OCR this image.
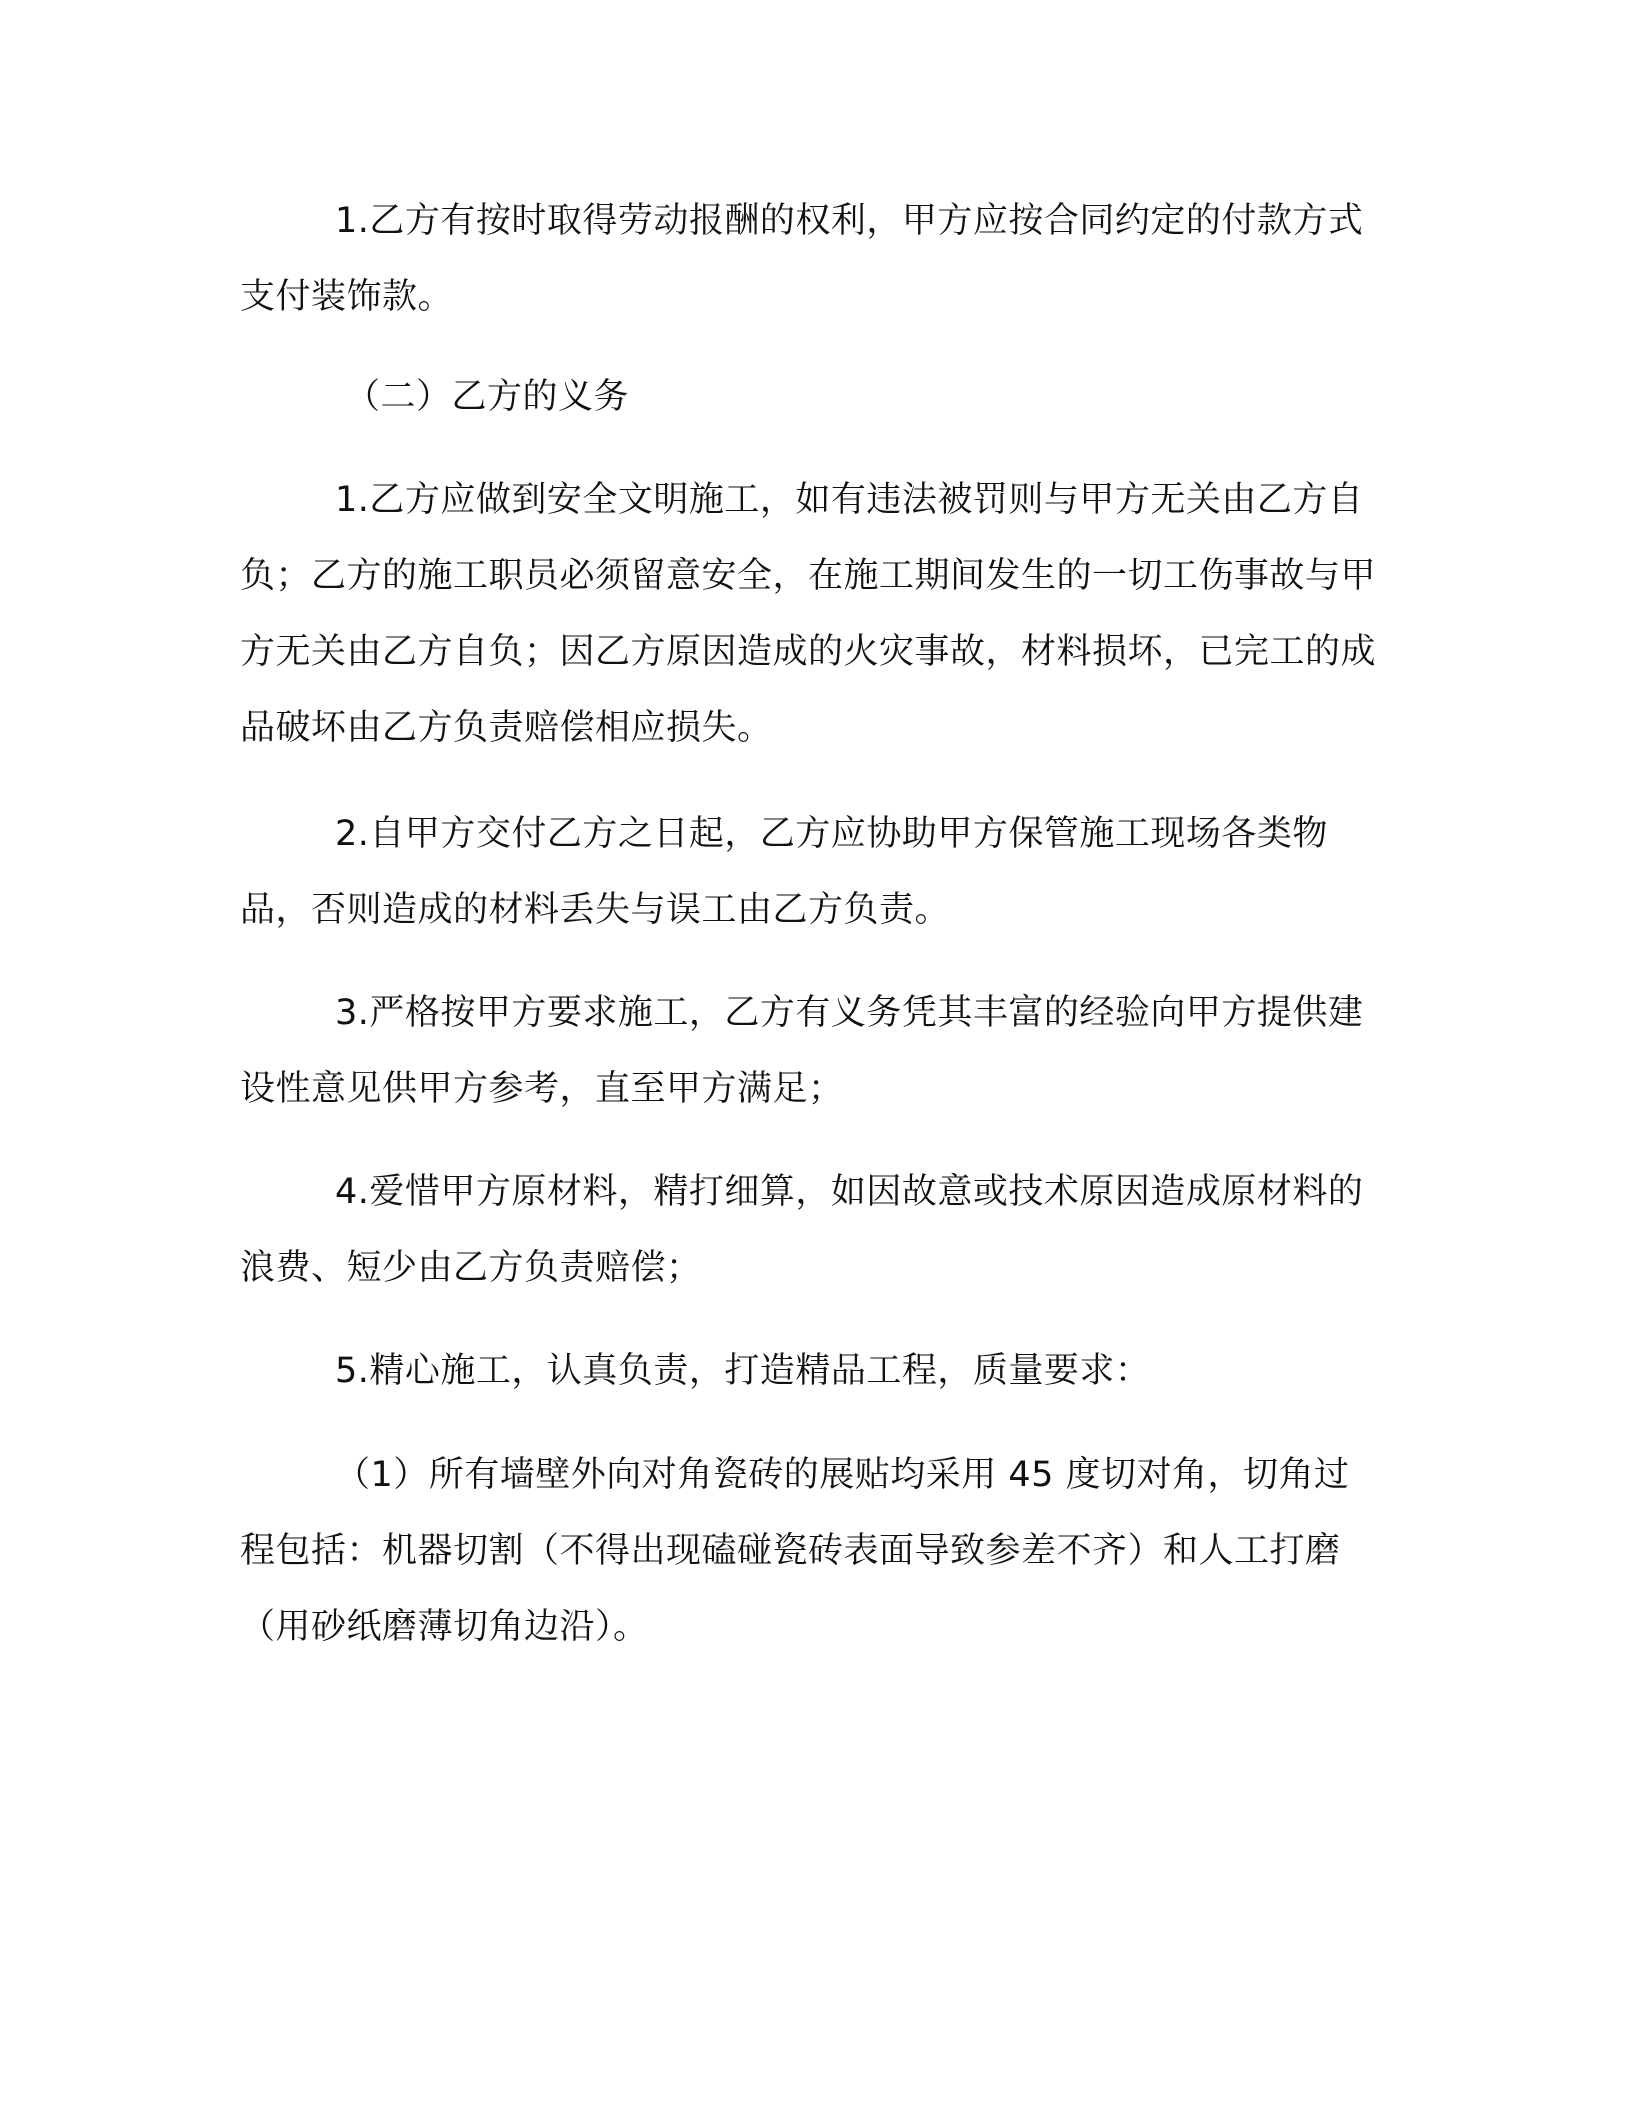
1.乙方有按时取得劳动报酬的权利，甲方应按合同约定的付款方式支付装饰款。

（二）乙方的义务

1.乙方应做到安全文明施工，如有违法被罚则与甲方无关由乙方自负；乙方的施工职员必须留意安全，在施工期间发生的一切工伤事故与甲方无关由乙方自负；因乙方原因造成的火灾事故，材料损坏，已完工的成品破坏由乙方负责赔偿相应损失。

2.自甲方交付乙方之日起，乙方应协助甲方保管施工现场各类物品，否则造成的材料丢失与误工由乙方负责。

3.严格按甲方要求施工，乙方有义务凭其丰富的经验向甲方提供建设性意见供甲方参考，直至甲方满足；

4.爱惜甲方原材料，精打细算，如因故意或技术原因造成原材料的浪费、短少由乙方负责赔偿；

5.精心施工，认真负责，打造精品工程，质量要求：

（1）所有墙壁外向对角瓷砖的展贴均采用 45 度切对角，切角过程包括：机器切割（不得出现磕碰瓷砖表面导致参差不齐）和人工打磨（用砂纸磨薄切角边沿）。
